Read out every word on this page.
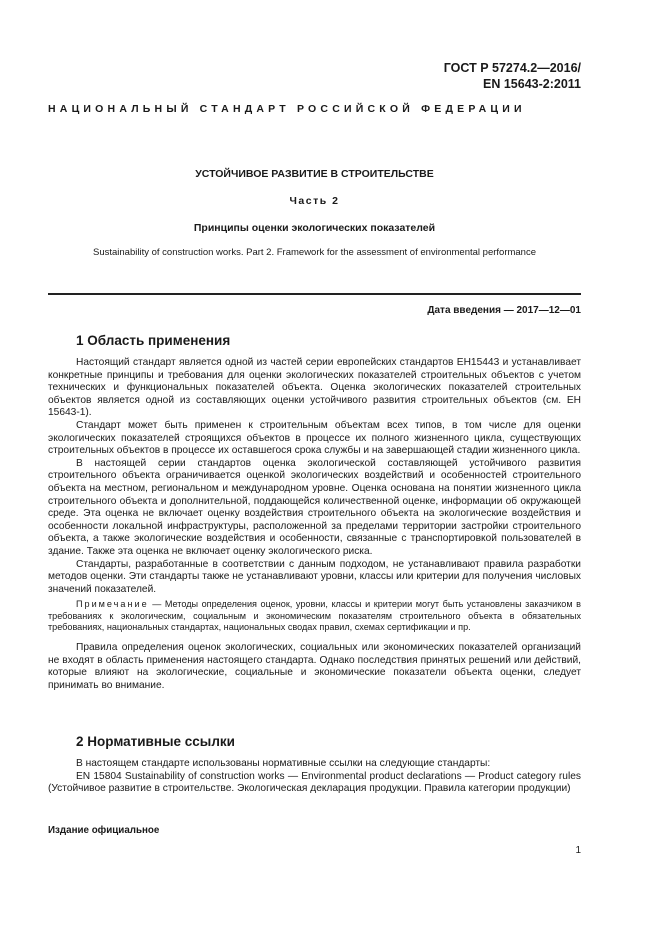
ГОСТ Р 57274.2—2016/
EN 15643-2:2011
НАЦИОНАЛЬНЫЙ СТАНДАРТ РОССИЙСКОЙ ФЕДЕРАЦИИ
УСТОЙЧИВОЕ РАЗВИТИЕ В СТРОИТЕЛЬСТВЕ
Часть 2
Принципы оценки экологических показателей
Sustainability of construction works. Part 2. Framework for the assessment of environmental performance
Дата введения — 2017—12—01
1 Область применения

Настоящий стандарт является одной из частей серии европейских стандартов ЕН15443 и устанавливает конкретные принципы и требования для оценки экологических показателей строительных объектов с учетом технических и функциональных показателей объекта. Оценка экологических показателей строительных объектов является одной из составляющих оценки устойчивого развития строительных объектов (см. ЕН 15643-1).

Стандарт может быть применен к строительным объектам всех типов, в том числе для оценки экологических показателей строящихся объектов в процессе их полного жизненного цикла, существующих строительных объектов в процессе их оставшегося срока службы и на завершающей стадии жизненного цикла.

В настоящей серии стандартов оценка экологической составляющей устойчивого развития строительного объекта ограничивается оценкой экологических воздействий и особенностей строительного объекта на местном, региональном и международном уровне. Оценка основана на понятии жизненного цикла строительного объекта и дополнительной, поддающейся количественной оценке, информации об окружающей среде. Эта оценка не включает оценку воздействия строительного объекта на экологические воздействия и особенности локальной инфраструктуры, расположенной за пределами территории застройки строительного объекта, а также экологические воздействия и особенности, связанные с транспортировкой пользователей в здание. Также эта оценка не включает оценку экологического риска.

Стандарты, разработанные в соответствии с данным подходом, не устанавливают правила разработки методов оценки. Эти стандарты также не устанавливают уровни, классы или критерии для получения числовых значений показателей.

Примечание — Методы определения оценок, уровни, классы и критерии могут быть установлены заказчиком в требованиях к экологическим, социальным и экономическим показателям строительного объекта в обязательных требованиях, национальных стандартах, национальных сводах правил, схемах сертификации и пр.

Правила определения оценок экологических, социальных или экономических показателей организаций не входят в область применения настоящего стандарта. Однако последствия принятых решений или действий, которые влияют на экологические, социальные и экономические показатели объекта оценки, следует принимать во внимание.

2 Нормативные ссылки

В настоящем стандарте использованы нормативные ссылки на следующие стандарты:

EN 15804 Sustainability of construction works — Environmental product declarations — Product category rules (Устойчивое развитие в строительстве. Экологическая декларация продукции. Правила категории продукции)

Издание официальное
1
